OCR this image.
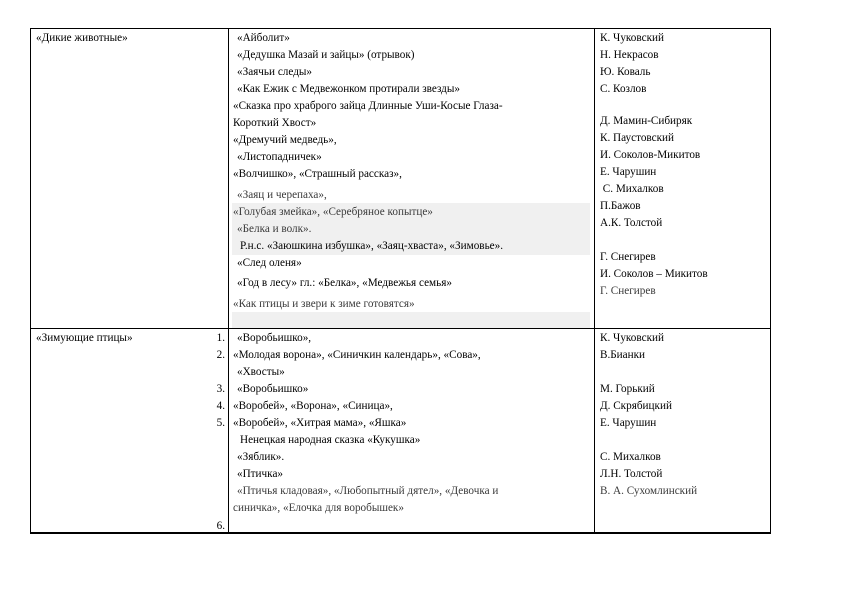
«Дикие животные»	«Айболит»
«Дедушка Мазай и зайцы» (отрывок)
«Заячьи следы»
«Как Ежик с Медвежонком протирали звезды»
«Сказка про храброго зайца Длинные Уши-Косые Глаза-
Короткий Хвост»
«Дремучий медведь»,
«Листопадничек»
«Волчишко», «Страшный рассказ»,
«Заяц и черепаха»,
«Голубая змейка», «Серебряное копытце»
«Белка и волк».
Р.н.с. «Заюшкина избушка», «Заяц-хваста», «Зимовье».
«След оленя»
«Год в лесу» гл.: «Белка», «Медвежья семья»
«Как птицы и звери к зиме готовятся»
К. Чуковский
Н. Некрасов
Ю. Коваль
С. Козлов
Д. Мамин-Сибиряк
К. Паустовский
И. Соколов-Микитов
Е. Чарушин
С. Михалков
П.Бажов
А.К. Толстой
Г. Снегирев
И. Соколов – Микитов
Г. Снегирев
«Зимующие птицы»	1.
2.
3.
4.
5.
6.
«Воробьишко»,
«Молодая ворона», «Синичкин календарь», «Сова»,
«Хвосты»
«Воробьишко»
«Воробей», «Ворона», «Синица»,
«Воробей», «Хитрая мама», «Яшка»
Ненецкая народная сказка «Кукушка»
«Зяблик».
«Птичка»
«Птичья кладовая», «Любопытный дятел», «Девочка и
синичка», «Елочка для воробышек»
К. Чуковский
В.Бианки
М. Горький
Д. Скрябицкий
Е. Чарушин
С. Михалков
Л.Н. Толстой
В. А. Сухомлинский
